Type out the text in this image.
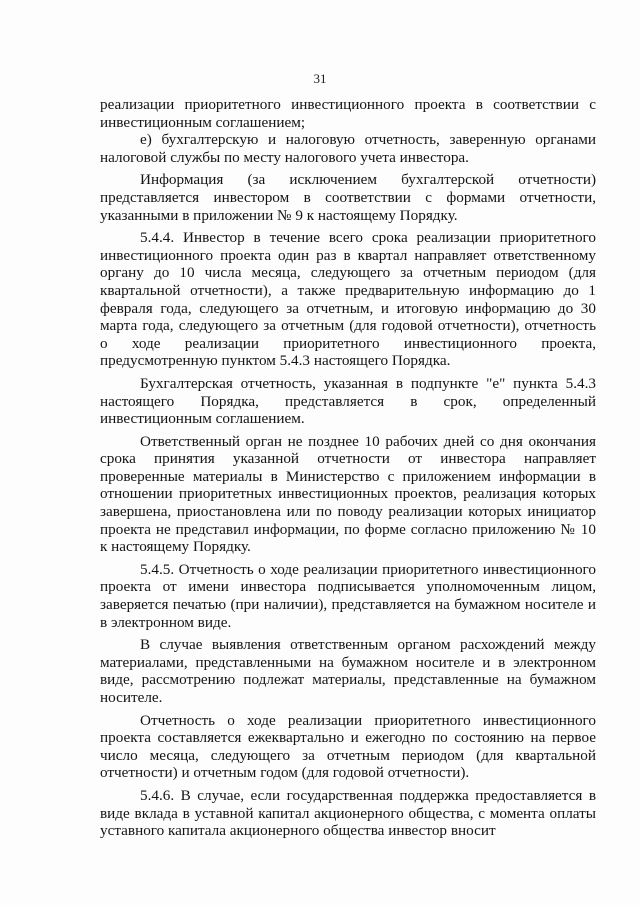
31

реализации приоритетного инвестиционного проекта в соответствии с инвестиционным соглашением;

е) бухгалтерскую и налоговую отчетность, заверенную органами налоговой службы по месту налогового учета инвестора.

Информация (за исключением бухгалтерской отчетности) представляется инвестором в соответствии с формами отчетности, указанными в приложении № 9 к настоящему Порядку.

5.4.4. Инвестор в течение всего срока реализации приоритетного инвестиционного проекта один раз в квартал направляет ответственному органу до 10 числа месяца, следующего за отчетным периодом (для квартальной отчетности), а также предварительную информацию до 1 февраля года, следующего за отчетным, и итоговую информацию до 30 марта года, следующего за отчетным (для годовой отчетности), отчетность о ходе реализации приоритетного инвестиционного проекта, предусмотренную пунктом 5.4.3 настоящего Порядка.

Бухгалтерская отчетность, указанная в подпункте "е" пункта 5.4.3 настоящего Порядка, представляется в срок, определенный инвестиционным соглашением.

Ответственный орган не позднее 10 рабочих дней со дня окончания срока принятия указанной отчетности от инвестора направляет проверенные материалы в Министерство с приложением информации в отношении приоритетных инвестиционных проектов, реализация которых завершена, приостановлена или по поводу реализации которых инициатор проекта не представил информации, по форме согласно приложению № 10 к настоящему Порядку.

5.4.5. Отчетность о ходе реализации приоритетного инвестиционного проекта от имени инвестора подписывается уполномоченным лицом, заверяется печатью (при наличии), представляется на бумажном носителе и в электронном виде.

В случае выявления ответственным органом расхождений между материалами, представленными на бумажном носителе и в электронном виде, рассмотрению подлежат материалы, представленные на бумажном носителе.

Отчетность о ходе реализации приоритетного инвестиционного проекта составляется ежеквартально и ежегодно по состоянию на первое число месяца, следующего за отчетным периодом (для квартальной отчетности) и отчетным годом (для годовой отчетности).

5.4.6. В случае, если государственная поддержка предоставляется в виде вклада в уставной капитал акционерного общества, с момента оплаты уставного капитала акционерного общества инвестор вносит
